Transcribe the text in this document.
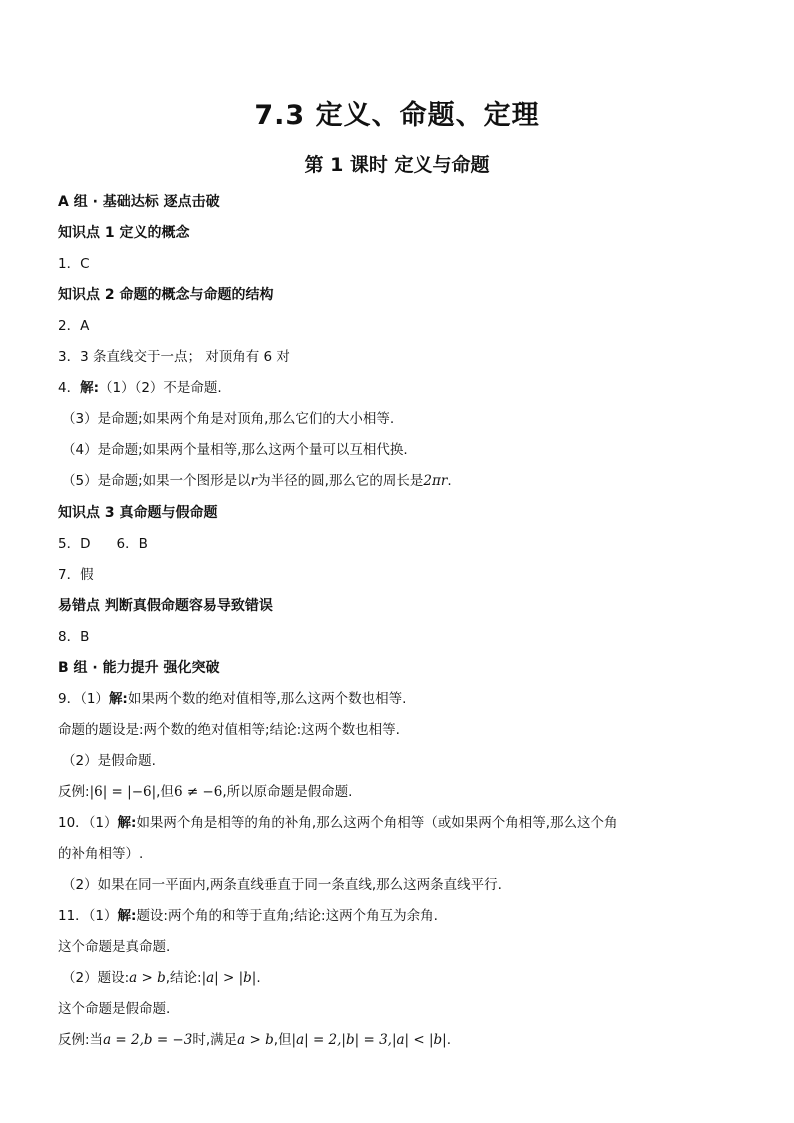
7.3 定义、命题、定理
第 1 课时 定义与命题
A 组 · 基础达标 逐点击破
知识点 1 定义的概念
1．C
知识点 2 命题的概念与命题的结构
2．A
3．3 条直线交于一点； 对顶角有 6 对
4．解:（1）（2）不是命题.
（3）是命题;如果两个角是对顶角,那么它们的大小相等.
（4）是命题;如果两个量相等,那么这两个量可以互相代换.
（5）是命题;如果一个图形是以r为半径的圆,那么它的周长是2πr.
知识点 3 真命题与假命题
5．D 6．B
7．假
易错点 判断真假命题容易导致错误
8．B
B 组 · 能力提升 强化突破
9．（1）解:如果两个数的绝对值相等,那么这两个数也相等.
命题的题设是:两个数的绝对值相等;结论:这两个数也相等.
（2）是假命题.
反例:|6| = |−6|,但6 ≠ −6,所以原命题是假命题.
10．（1）解:如果两个角是相等的角的补角,那么这两个角相等（或如果两个角相等,那么这个角
的补角相等）.
（2）如果在同一平面内,两条直线垂直于同一条直线,那么这两条直线平行.
11．（1）解:题设:两个角的和等于直角;结论:这两个角互为余角.
这个命题是真命题.
（2）题设:a > b,结论:|a| > |b|.
这个命题是假命题.
反例:当a = 2,b = −3时,满足a > b,但|a| = 2,|b| = 3,|a| < |b|.
